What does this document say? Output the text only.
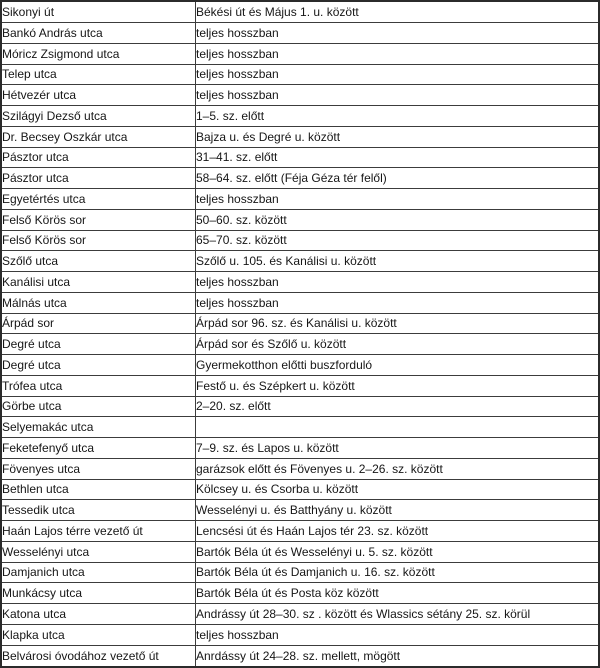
Sikonyi út	Békési út és Május 1. u. között
Bankó András utca	teljes hosszban
Móricz Zsigmond utca	teljes hosszban
Telep utca	teljes hosszban
Hétvezér utca	teljes hosszban
Szilágyi Dezső utca	1–5. sz. előtt
Dr. Becsey Oszkár utca	Bajza u. és Degré u. között
Pásztor utca	31–41. sz. előtt
Pásztor utca	58–64. sz. előtt (Féja Géza tér felől)
Egyetértés utca	teljes hosszban
Felső Körös sor	50–60. sz. között
Felső Körös sor	65–70. sz. között
Szőlő utca	Szőlő u. 105. és Kanálisi u. között
Kanálisi utca	teljes hosszban
Málnás utca	teljes hosszban
Árpád sor	Árpád sor 96. sz. és Kanálisi u. között
Degré utca	Árpád sor és Szőlő u. között
Degré utca	Gyermekotthon előtti buszforduló
Trófea utca	Festő u. és Szépkert u. között
Görbe utca	2–20. sz. előtt
Selyemakác utca	
Feketefenyő utca	7–9. sz. és Lapos u. között
Fövenyes utca	garázsok előtt és Fövenyes u. 2–26. sz. között
Bethlen utca	Kölcsey u. és Csorba u. között
Tessedik utca	Wesselényi u. és Batthyány u. között
Haán Lajos térre vezető út	Lencsési út és Haán Lajos tér 23. sz. között
Wesselényi utca	Bartók Béla út és Wesselényi u. 5. sz. között
Damjanich utca	Bartók Béla út és Damjanich u. 16. sz. között
Munkácsy utca	Bartók Béla út és Posta köz között
Katona utca	Andrássy út 28–30. sz . között és Wlassics sétány 25. sz. körül
Klapka utca	teljes hosszban
Belvárosi óvodához vezető út	Anrdássy út 24–28. sz. mellett, mögött
